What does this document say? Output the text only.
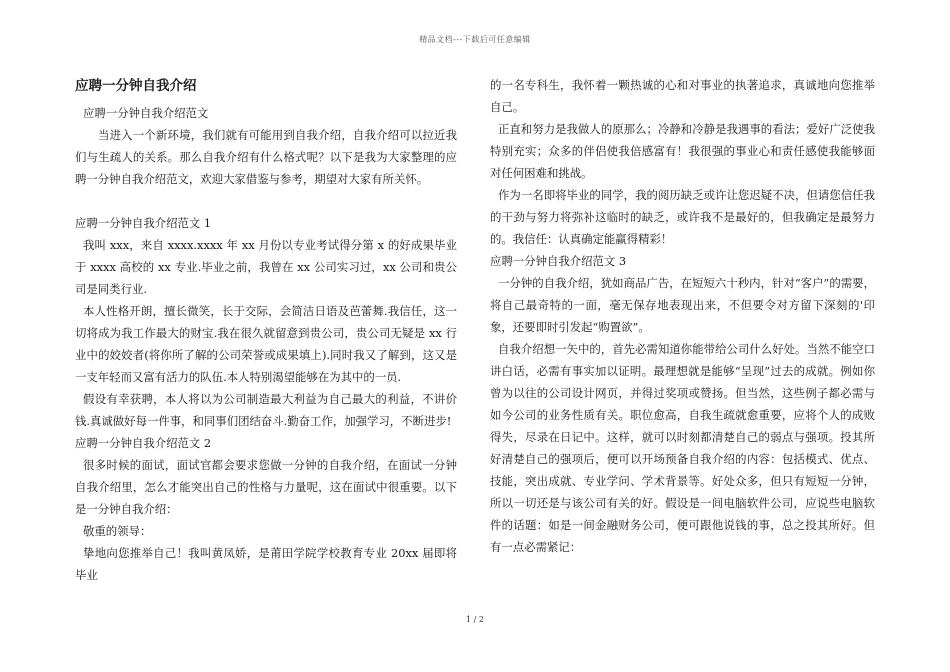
精品文档---下载后可任意编辑
应聘一分钟自我介绍

应聘一分钟自我介绍范文

当进入一个新环境，我们就有可能用到自我介绍，自我介绍可以拉近我们与生疏人的关系。那么自我介绍有什么格式呢？以下是我为大家整理的应聘一分钟自我介绍范文，欢迎大家借鉴与参考，期望对大家有所关怀。

应聘一分钟自我介绍范文 1

我叫 xxx，来自 xxxx.xxxx 年 xx 月份以专业考试得分第 x 的好成果毕业于 xxxx 高校的 xx 专业.毕业之前，我曾在 xx 公司实习过，xx 公司和贵公司是同类行业.

本人性格开朗，擅长微笑，长于交际，会简洁日语及芭蕾舞.我信任，这一切将成为我工作最大的财宝.我在很久就留意到贵公司，贵公司无疑是 xx 行业中的姣姣者(将你所了解的公司荣誉或成果填上).同时我又了解到，这又是一支年轻而又富有活力的队伍.本人特别渴望能够在为其中的一员.

假设有幸获聘，本人将以为公司制造最大利益为自己最大的利益，不讲价钱.真诚做好每一件事，和同事们团结奋斗.勤奋工作，加强学习，不断进步!

应聘一分钟自我介绍范文 2

很多时候的面试，面试官都会要求您做一分钟的自我介绍，在面试一分钟自我介绍里，怎么才能突出自己的性格与力量呢，这在面试中很重要。以下是一分钟自我介绍：

敬重的领导：

挚地向您推举自己！我叫黄凤娇，是莆田学院学校教育专业 20xx 届即将毕业

的一名专科生，我怀着一颗热诚的心和对事业的执著追求，真诚地向您推举自己。

正直和努力是我做人的原那么；冷静和冷静是我遇事的看法；爱好广泛使我特别充实；众多的伴侣使我倍感富有！我很强的事业心和责任感使我能够面对任何困难和挑战。

作为一名即将毕业的同学，我的阅历缺乏或许让您迟疑不决，但请您信任我的干劲与努力将弥补这临时的缺乏，或许我不是最好的，但我确定是最努力的。我信任：认真确定能赢得精彩！

应聘一分钟自我介绍范文 3

一分钟的自我介绍，犹如商品广告，在短短六十秒内，针对“客户”的需要，将自己最奇特的一面，毫无保存地表现出来，不但要令对方留下深刻的'印象，还要即时引发起“购置欲”。

自我介绍想一矢中的，首先必需知道你能带给公司什么好处。当然不能空口讲白话，必需有事实加以证明。最理想就是能够“呈现”过去的成就。例如你曾为以往的公司设计网页，并得过奖项或赞扬。但当然，这些例子都必需与如今公司的业务性质有关。职位愈高，自我生疏就愈重要，应将个人的成败得失，尽录在日记中。这样，就可以时刻都清楚自己的弱点与强项。投其所好清楚自己的强项后，便可以开场预备自我介绍的内容：包括模式、优点、技能，突出成就、专业学问、学术背景等。好处众多，但只有短短一分钟，所以一切还是与该公司有关的好。假设是一间电脑软件公司，应说些电脑软件的话题：如是一间金融财务公司，便可跟他说钱的事，总之投其所好。但有一点必需紧记：

1 / 2
